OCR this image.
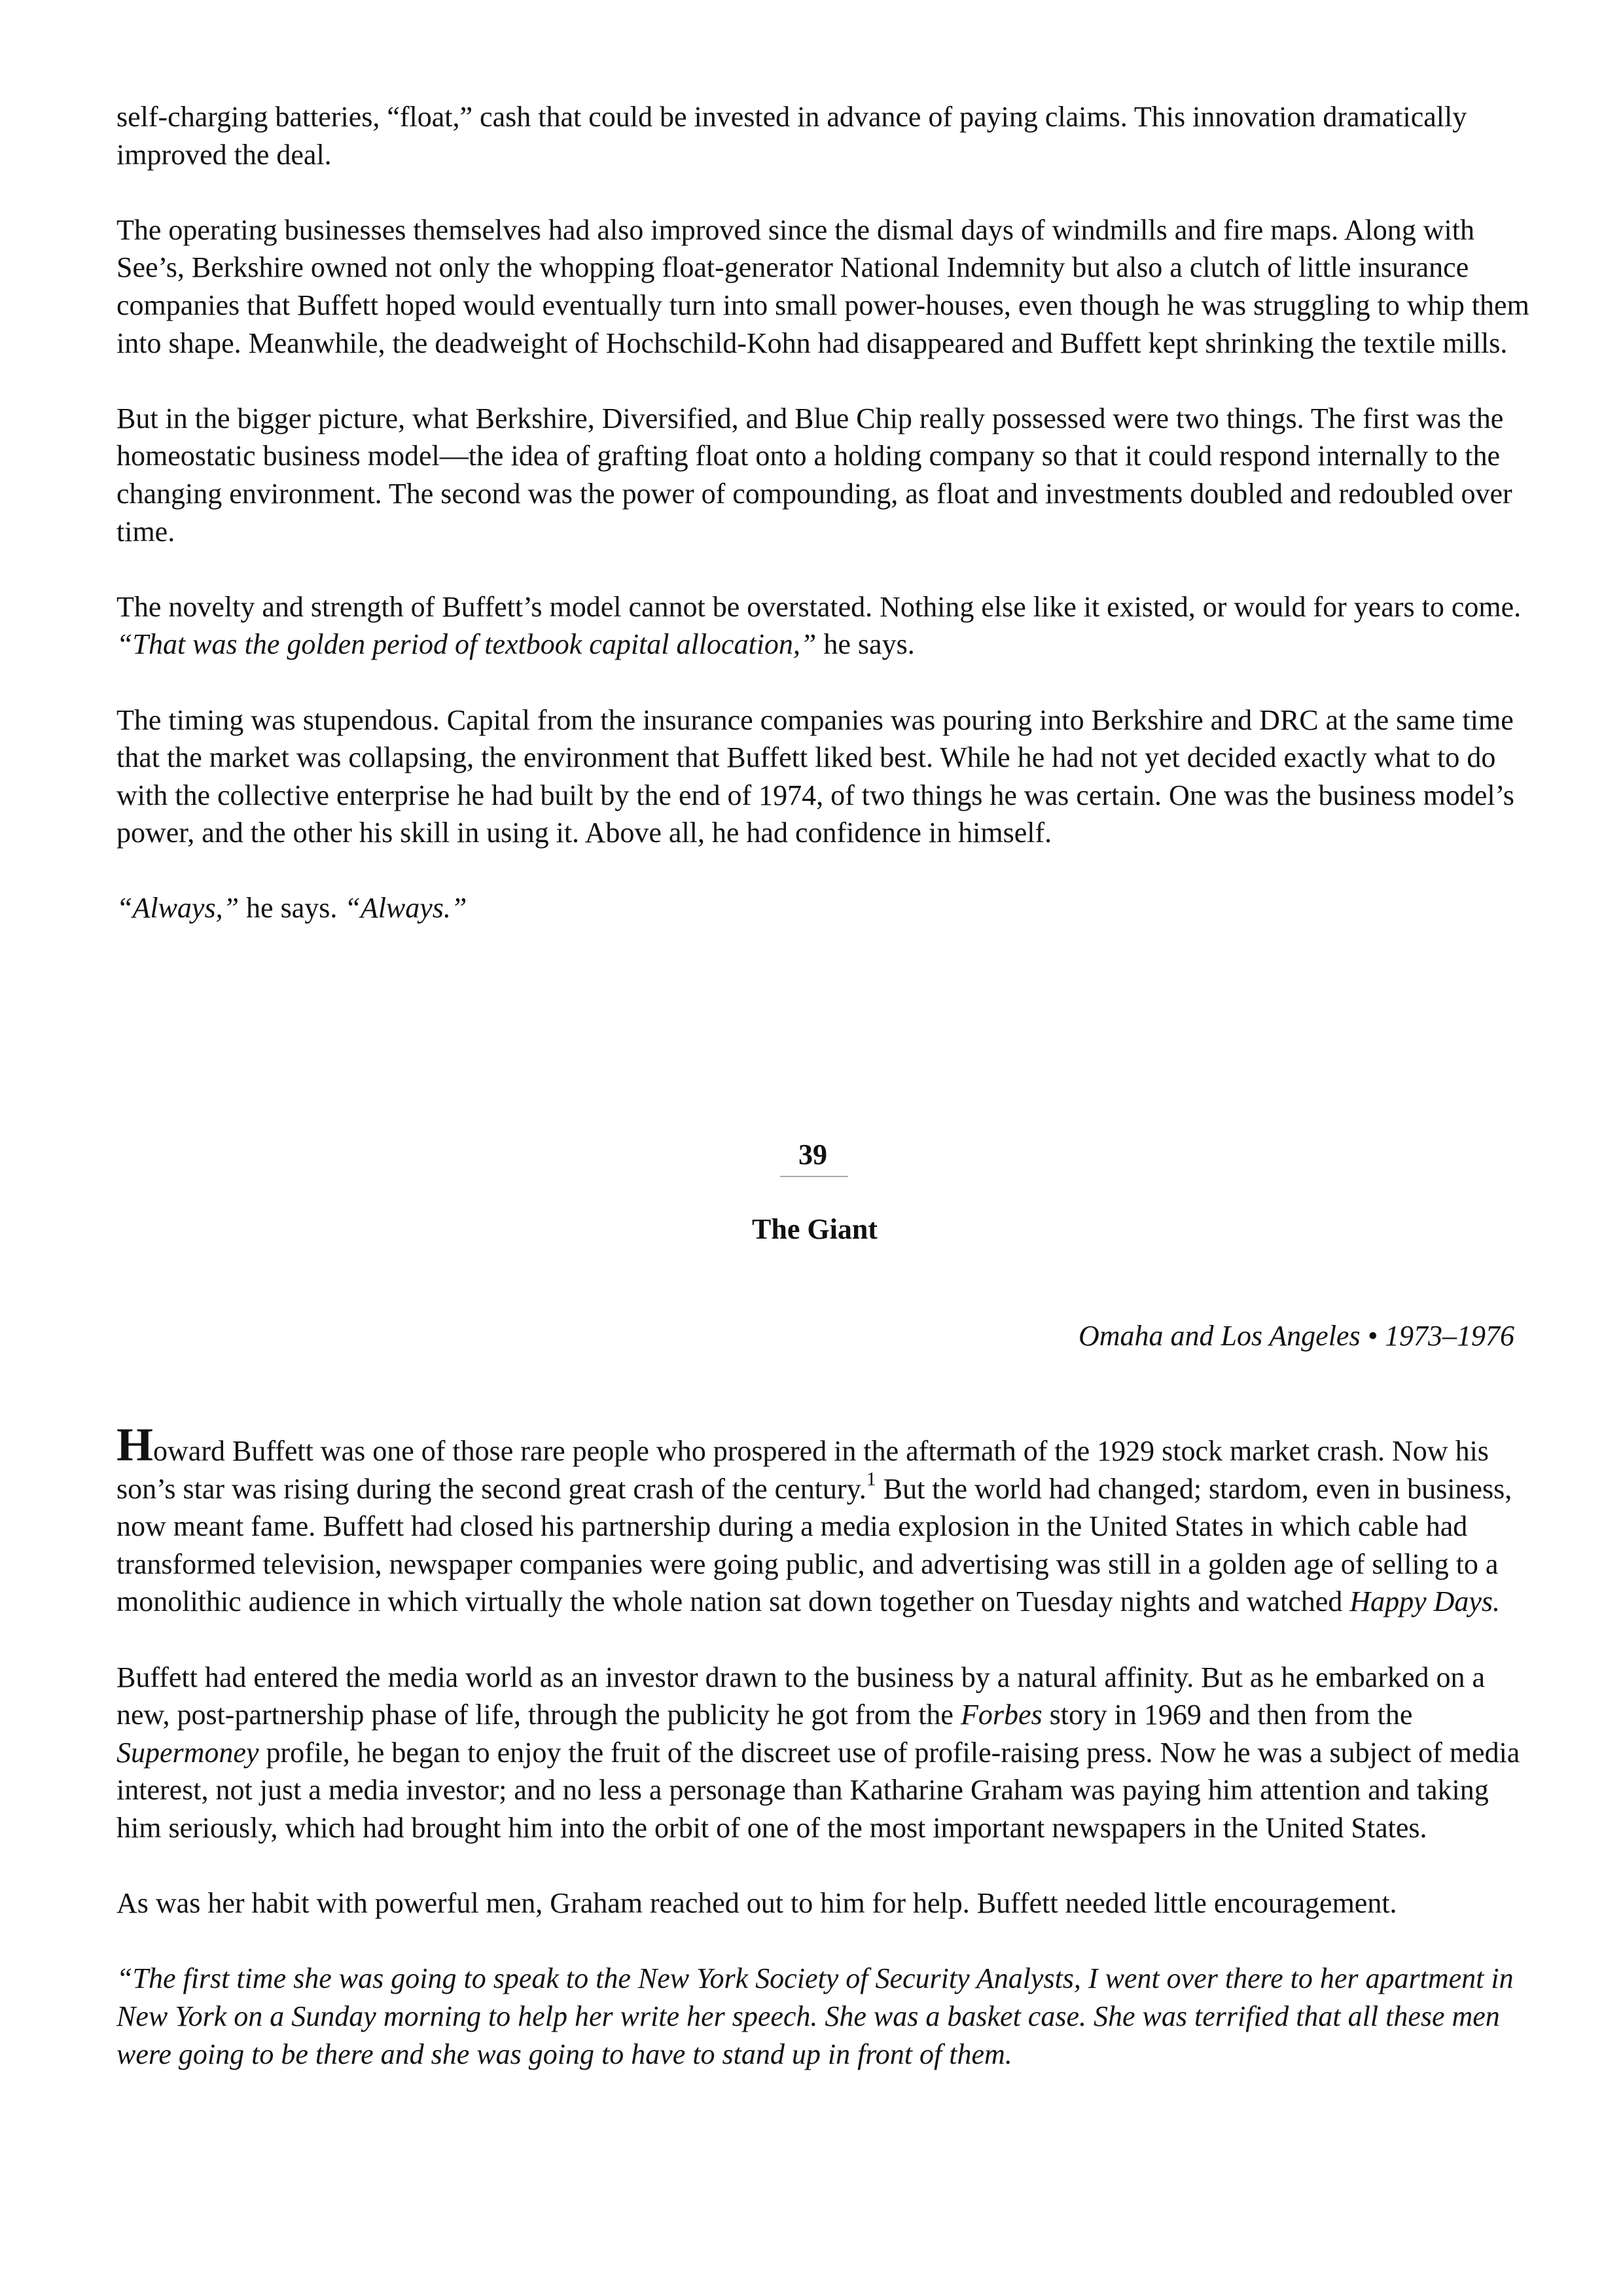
self-charging batteries, “float,” cash that could be invested in advance of paying claims. This innovation dramatically improved the deal.

The operating businesses themselves had also improved since the dismal days of windmills and fire maps. Along with See’s, Berkshire owned not only the whopping float-generator National Indemnity but also a clutch of little insurance companies that Buffett hoped would eventually turn into small power-houses, even though he was struggling to whip them into shape. Meanwhile, the deadweight of Hochschild-Kohn had disappeared and Buffett kept shrinking the textile mills.

But in the bigger picture, what Berkshire, Diversified, and Blue Chip really possessed were two things. The first was the homeostatic business model—the idea of grafting float onto a holding company so that it could respond internally to the changing environment. The second was the power of compounding, as float and investments doubled and redoubled over time.

The novelty and strength of Buffett’s model cannot be overstated. Nothing else like it existed, or would for years to come. “That was the golden period of textbook capital allocation,” he says.

The timing was stupendous. Capital from the insurance companies was pouring into Berkshire and DRC at the same time that the market was collapsing, the environment that Buffett liked best. While he had not yet decided exactly what to do with the collective enterprise he had built by the end of 1974, of two things he was certain. One was the business model’s power, and the other his skill in using it. Above all, he had confidence in himself.

“Always,” he says. “Always.”

39
The Giant
Omaha and Los Angeles • 1973–1976

Howard Buffett was one of those rare people who prospered in the aftermath of the 1929 stock market crash. Now his son’s star was rising during the second great crash of the century.$^1$ But the world had changed; stardom, even in business, now meant fame. Buffett had closed his partnership during a media explosion in the United States in which cable had transformed television, newspaper companies were going public, and advertising was still in a golden age of selling to a monolithic audience in which virtually the whole nation sat down together on Tuesday nights and watched Happy Days.

Buffett had entered the media world as an investor drawn to the business by a natural affinity. But as he embarked on a new, post-partnership phase of life, through the publicity he got from the Forbes story in 1969 and then from the Supermoney profile, he began to enjoy the fruit of the discreet use of profile-raising press. Now he was a subject of media interest, not just a media investor; and no less a personage than Katharine Graham was paying him attention and taking him seriously, which had brought him into the orbit of one of the most important newspapers in the United States.

As was her habit with powerful men, Graham reached out to him for help. Buffett needed little encouragement.

“The first time she was going to speak to the New York Society of Security Analysts, I went over there to her apartment in New York on a Sunday morning to help her write her speech. She was a basket case. She was terrified that all these men were going to be there and she was going to have to stand up in front of them.
